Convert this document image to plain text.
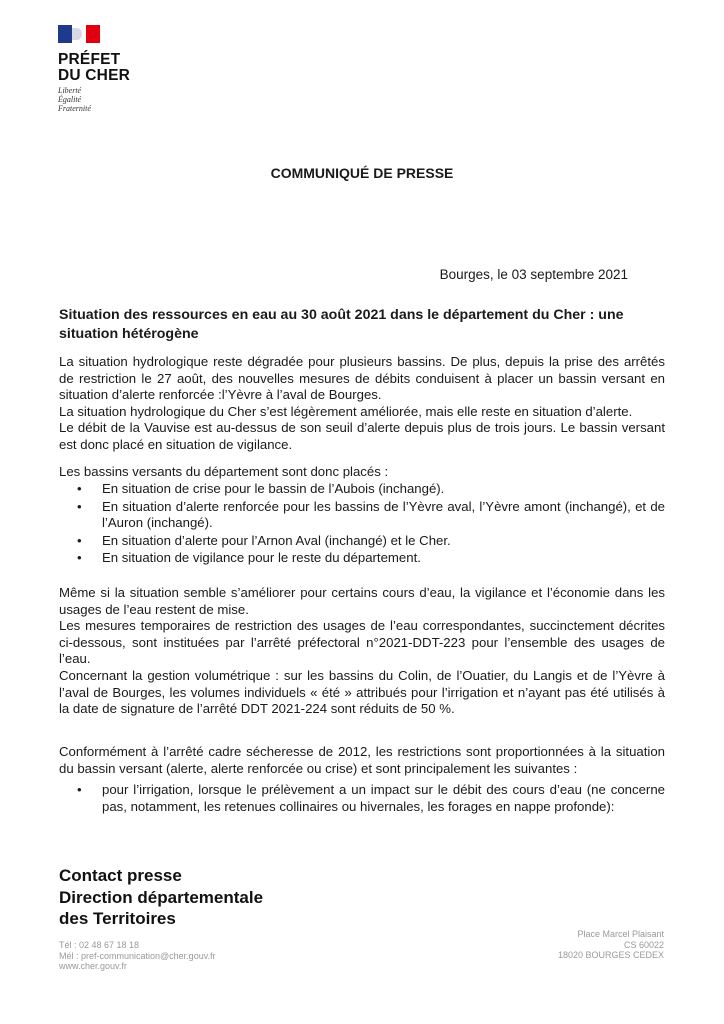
PRÉFET
DU CHER
Liberté
Égalité
Fraternité
COMMUNIQUÉ DE PRESSE
Bourges, le 03 septembre 2021
Situation des ressources en eau au 30 août 2021 dans le département du Cher : une situation hétérogène

La situation hydrologique reste dégradée pour plusieurs bassins. De plus, depuis la prise des arrêtés de restriction le 27 août, des nouvelles mesures de débits conduisent à placer un bassin versant en situation d’alerte renforcée :l’Yèvre à l’aval de Bourges.

La situation hydrologique du Cher s’est légèrement améliorée, mais elle reste en situation d’alerte.

Le débit de la Vauvise est au-dessus de son seuil d’alerte depuis plus de trois jours. Le bassin versant est donc placé en situation de vigilance.

Les bassins versants du département sont donc placés :
• En situation de crise pour le bassin de l’Aubois (inchangé).
• En situation d’alerte renforcée pour les bassins de l’Yèvre aval, l’Yèvre amont (inchangé), et de l’Auron (inchangé).
• En situation d’alerte pour l’Arnon Aval (inchangé) et le Cher.
• En situation de vigilance pour le reste du département.

Même si la situation semble s’améliorer pour certains cours d’eau, la vigilance et l’économie dans les usages de l’eau restent de mise.

Les mesures temporaires de restriction des usages de l’eau correspondantes, succinctement décrites ci-dessous, sont instituées par l’arrêté préfectoral n°2021-DDT-223 pour l’ensemble des usages de l’eau.

Concernant la gestion volumétrique : sur les bassins du Colin, de l’Ouatier, du Langis et de l’Yèvre à l’aval de Bourges, les volumes individuels « été » attribués pour l’irrigation et n’ayant pas été utilisés à la date de signature de l’arrêté DDT 2021-224 sont réduits de 50 %.

Conformément à l’arrêté cadre sécheresse de 2012, les restrictions sont proportionnées à la situation du bassin versant (alerte, alerte renforcée ou crise) et sont principalement les suivantes :
• pour l’irrigation, lorsque le prélèvement a un impact sur le débit des cours d’eau (ne concerne pas, notamment, les retenues collinaires ou hivernales, les forages en nappe profonde):
Contact presse
Direction départementale
des Territoires
Tél : 02 48 67 18 18
Mél : pref-communication@cher.gouv.fr
www.cher.gouv.fr
Place Marcel Plaisant
CS 60022
18020 BOURGES CEDEX
